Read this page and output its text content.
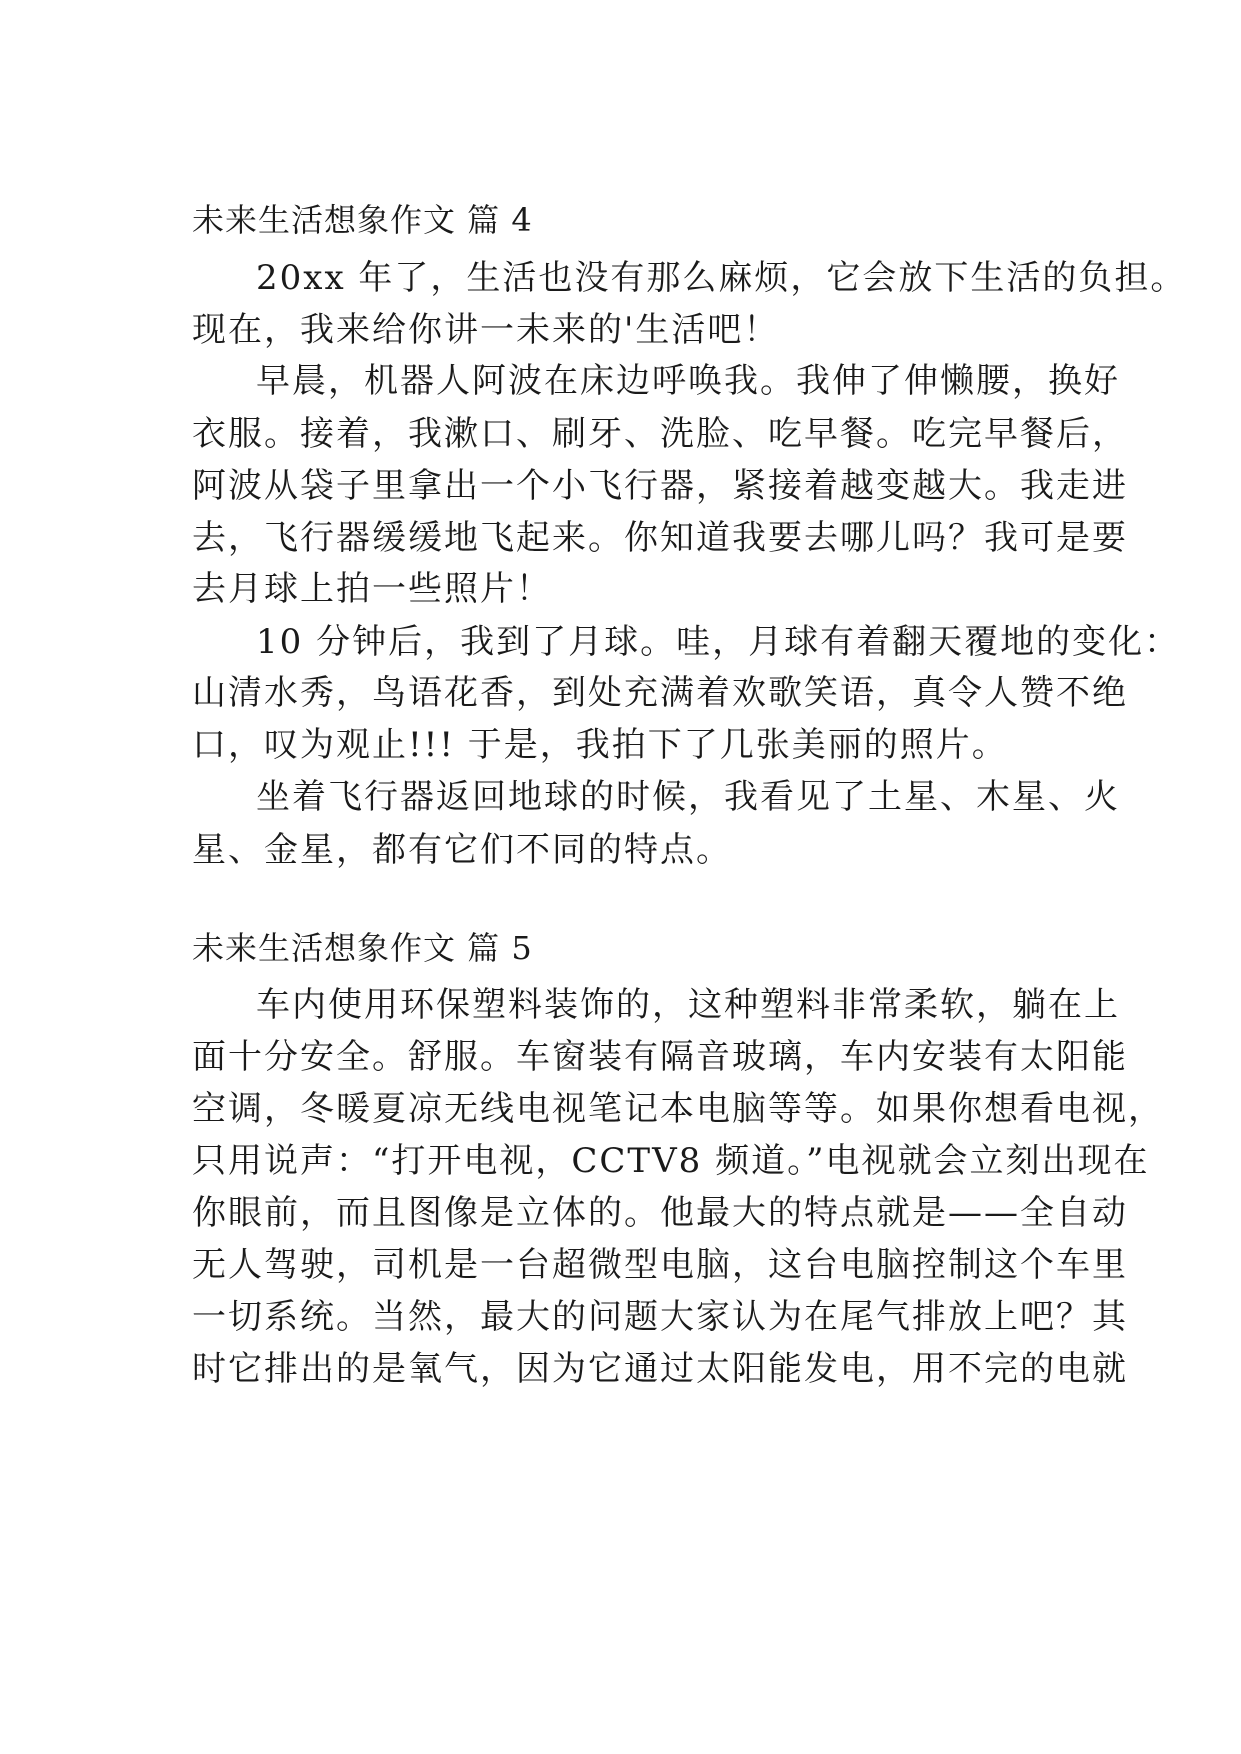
未来生活想象作文 篇 4
20xx 年了，生活也没有那么麻烦，它会放下生活的负担。
现在，我来给你讲一未来的'生活吧！
早晨，机器人阿波在床边呼唤我。我伸了伸懒腰，换好
衣服。接着，我漱口、刷牙、洗脸、吃早餐。吃完早餐后，
阿波从袋子里拿出一个小飞行器，紧接着越变越大。我走进
去，飞行器缓缓地飞起来。你知道我要去哪儿吗？我可是要
去月球上拍一些照片！
10 分钟后，我到了月球。哇，月球有着翻天覆地的变化：
山清水秀，鸟语花香，到处充满着欢歌笑语，真令人赞不绝
口，叹为观止!!! 于是，我拍下了几张美丽的照片。
坐着飞行器返回地球的时候，我看见了土星、木星、火
星、金星，都有它们不同的特点。
未来生活想象作文 篇 5
车内使用环保塑料装饰的，这种塑料非常柔软，躺在上
面十分安全。舒服。车窗装有隔音玻璃，车内安装有太阳能
空调，冬暖夏凉无线电视笔记本电脑等等。如果你想看电视，
只用说声：“打开电视，CCTV8 频道。”电视就会立刻出现在
你眼前，而且图像是立体的。他最大的特点就是——全自动
无人驾驶，司机是一台超微型电脑，这台电脑控制这个车里
一切系统。当然，最大的问题大家认为在尾气排放上吧？其
时它排出的是氧气，因为它通过太阳能发电，用不完的电就
